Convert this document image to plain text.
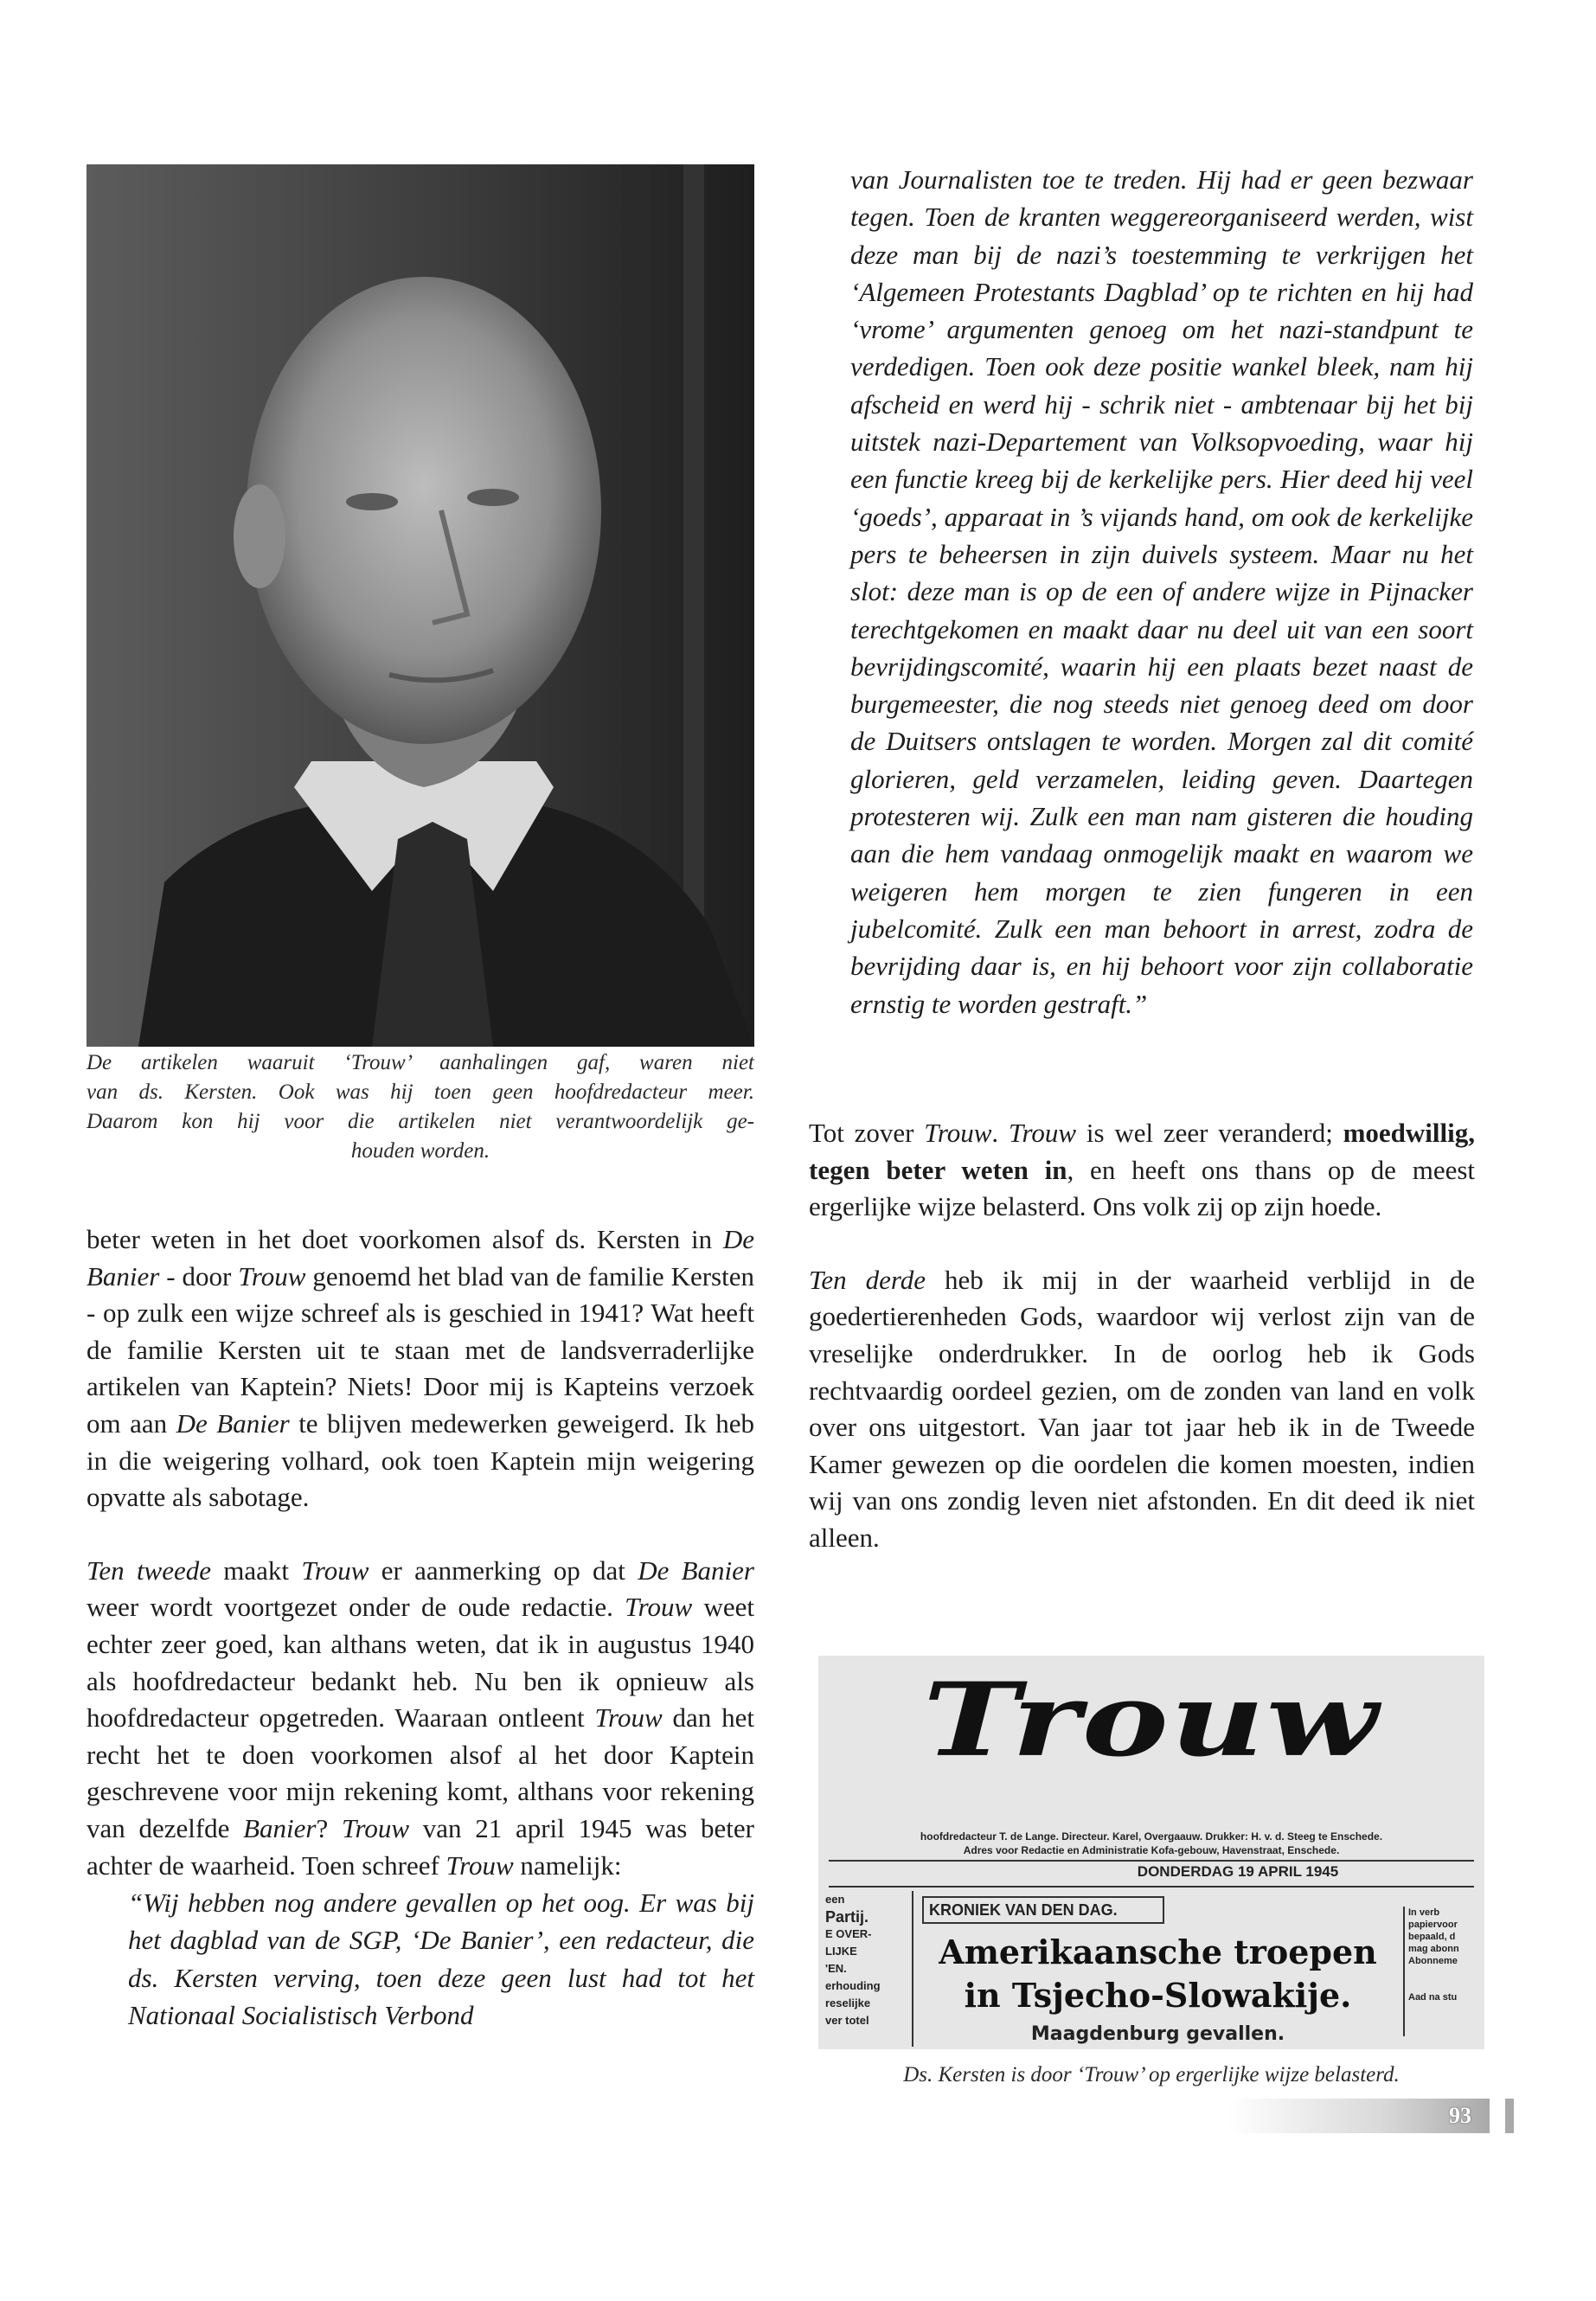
De artikelen waaruit ‘Trouw’ aanhalingen gaf, waren niet
van ds. Kersten. Ook was hij toen geen hoofdredacteur meer.
Daarom kon hij voor die artikelen niet verantwoordelijk ge-
houden worden.

beter weten in het doet voorkomen alsof ds. Kersten in De Banier - door Trouw genoemd het blad van de familie Kersten - op zulk een wijze schreef als is geschied in 1941? Wat heeft de familie Kersten uit te staan met de landsverraderlijke artikelen van Kaptein? Niets! Door mij is Kapteins verzoek om aan De Banier te blijven medewerken geweigerd. Ik heb in die weigering volhard, ook toen Kaptein mijn weigering opvatte als sabotage.

Ten tweede maakt Trouw er aanmerking op dat De Banier weer wordt voortgezet onder de oude redactie. Trouw weet echter zeer goed, kan althans weten, dat ik in augustus 1940 als hoofdredacteur bedankt heb. Nu ben ik opnieuw als hoofdredacteur opgetreden. Waaraan ontleent Trouw dan het recht het te doen voorkomen alsof al het door Kaptein geschrevene voor mijn rekening komt, althans voor rekening van dezelfde Banier? Trouw van 21 april 1945 was beter achter de waarheid. Toen schreef Trouw namelijk:

“Wij hebben nog andere gevallen op het oog. Er was bij het dagblad van de SGP, ‘De Banier’, een redacteur, die ds. Kersten verving, toen deze geen lust had tot het Nationaal Socialistisch Verbond

van Journalisten toe te treden. Hij had er geen bezwaar tegen. Toen de kranten weggereorganiseerd werden, wist deze man bij de nazi’s toestemming te verkrijgen het ‘Algemeen Protestants Dagblad’ op te richten en hij had ‘vrome’ argumenten genoeg om het nazi-standpunt te verdedigen. Toen ook deze positie wankel bleek, nam hij afscheid en werd hij - schrik niet - ambtenaar bij het bij uitstek nazi-Departement van Volksopvoeding, waar hij een functie kreeg bij de kerkelijke pers. Hier deed hij veel ‘goeds’, apparaat in ’s vijands hand, om ook de kerkelijke pers te beheersen in zijn duivels systeem. Maar nu het slot: deze man is op de een of andere wijze in Pijnacker terechtgekomen en maakt daar nu deel uit van een soort bevrijdingscomité, waarin hij een plaats bezet naast de burgemeester, die nog steeds niet genoeg deed om door de Duitsers ontslagen te worden. Morgen zal dit comité glorieren, geld verzamelen, leiding geven. Daartegen protesteren wij. Zulk een man nam gisteren die houding aan die hem vandaag onmogelijk maakt en waarom we weigeren hem morgen te zien fungeren in een jubelcomité. Zulk een man behoort in arrest, zodra de bevrijding daar is, en hij behoort voor zijn collaboratie ernstig te worden gestraft.”

Tot zover Trouw. Trouw is wel zeer veranderd; moedwillig, tegen beter weten in, en heeft ons thans op de meest ergerlijke wijze belasterd. Ons volk zij op zijn hoede.

Ten derde heb ik mij in der waarheid verblijd in de goedertierenheden Gods, waardoor wij verlost zijn van de vreselijke onderdrukker. In de oorlog heb ik Gods rechtvaardig oordeel gezien, om de zonden van land en volk over ons uitgestort. Van jaar tot jaar heb ik in de Tweede Kamer gewezen op die oordelen die komen moesten, indien wij van ons zondig leven niet afstonden. En dit deed ik niet alleen.

Trouw
hoofdredacteur T. de Lange. Directeur. Karel, Overgaauw. Drukker: H. v. d. Steeg te Enschede.
Adres voor Redactie en Administratie Kofa-gebouw, Havenstraat, Enschede.
DONDERDAG 19 APRIL 1945
een
Partij.
E OVER-
LIJKE
'EN.
erhouding
reselijke
ver totel
KRONIEK VAN DEN DAG.
Amerikaansche troepen
in Tsjecho-Slowakije.
Maagdenburg gevallen.
In verb
papiervoor
bepaald, d
mag abonn
Abonneme
Aad na stu
Ds. Kersten is door ‘Trouw’ op ergerlijke wijze belasterd.
93
